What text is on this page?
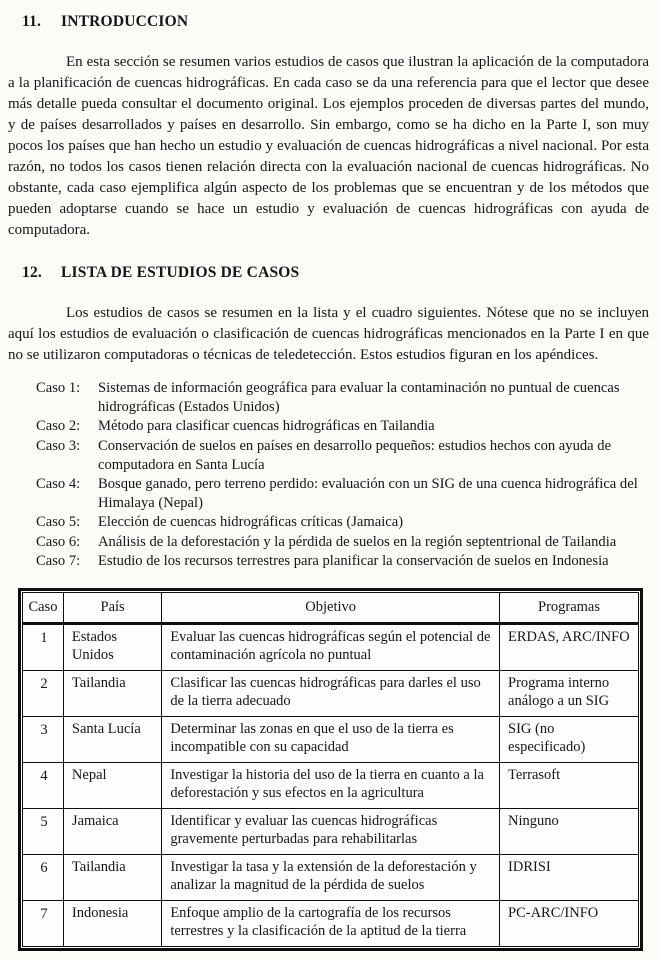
11.	INTRODUCCION

En esta sección se resumen varios estudios de casos que ilustran la aplicación de la computadora a la planificación de cuencas hidrográficas. En cada caso se da una referencia para que el lector que desee más detalle pueda consultar el documento original. Los ejemplos proceden de diversas partes del mundo, y de países desarrollados y países en desarrollo. Sin embargo, como se ha dicho en la Parte I, son muy pocos los países que han hecho un estudio y evaluación de cuencas hidrográficas a nivel nacional. Por esta razón, no todos los casos tienen relación directa con la evaluación nacional de cuencas hidrográficas. No obstante, cada caso ejemplifica algún aspecto de los problemas que se encuentran y de los métodos que pueden adoptarse cuando se hace un estudio y evaluación de cuencas hidrográficas con ayuda de computadora.

12.	LISTA DE ESTUDIOS DE CASOS

Los estudios de casos se resumen en la lista y el cuadro siguientes. Nótese que no se incluyen aquí los estudios de evaluación o clasificación de cuencas hidrográficas mencionados en la Parte I en que no se utilizaron computadoras o técnicas de teledetección. Estos estudios figuran en los apéndices.

Caso 1:	Sistemas de información geográfica para evaluar la contaminación no puntual de cuencas hidrográficas (Estados Unidos)
Caso 2:	Método para clasificar cuencas hidrográficas en Tailandia
Caso 3:	Conservación de suelos en países en desarrollo pequeños: estudios hechos con ayuda de computadora en Santa Lucía
Caso 4:	Bosque ganado, pero terreno perdido: evaluación con un SIG de una cuenca hidrográfica del Himalaya (Nepal)
Caso 5:	Elección de cuencas hidrográficas críticas (Jamaica)
Caso 6:	Análisis de la deforestación y la pérdida de suelos en la región septentrional de Tailandia
Caso 7:	Estudio de los recursos terrestres para planificar la conservación de suelos en Indonesia
Caso	País	Objetivo	Programas
1	Estados Unidos	Evaluar las cuencas hidrográficas según el potencial de contaminación agrícola no puntual	ERDAS, ARC/INFO
2	Tailandia	Clasificar las cuencas hidrográficas para darles el uso de la tierra adecuado	Programa interno análogo a un SIG
3	Santa Lucía	Determinar las zonas en que el uso de la tierra es incompatible con su capacidad	SIG (no especificado)
4	Nepal	Investigar la historia del uso de la tierra en cuanto a la deforestación y sus efectos en la agricultura	Terrasoft
5	Jamaica	Identificar y evaluar las cuencas hidrográficas gravemente perturbadas para rehabilitarlas	Ninguno
6	Tailandia	Investigar la tasa y la extensión de la deforestación y analizar la magnitud de la pérdida de suelos	IDRISI
7	Indonesia	Enfoque amplio de la cartografía de los recursos terrestres y la clasificación de la aptitud de la tierra	PC-ARC/INFO
